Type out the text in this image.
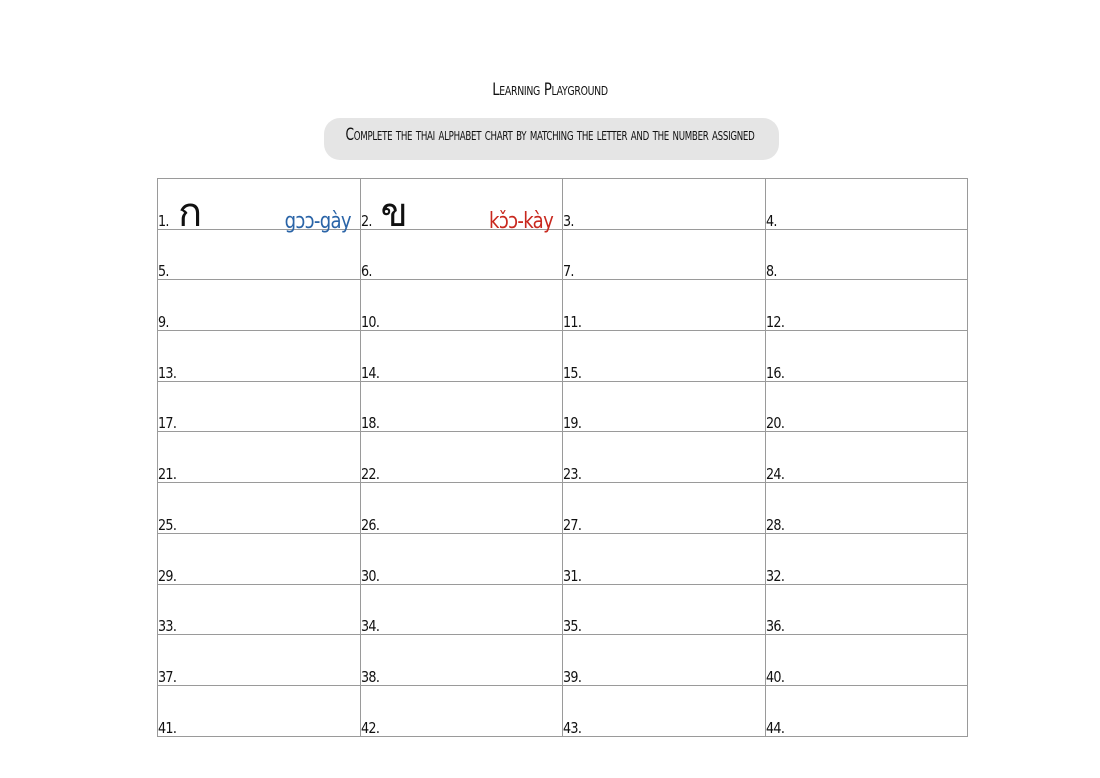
Learning Playground
Complete the thai alphabet chart by matching the letter and the number assigned
1. ก gɔɔ-gày	2. ข kɔ̌ɔ-kày	3.	4.

5.	6.	7.	8.

9.	10.	11.	12.

13.	14.	15.	16.

17.	18.	19.	20.

21.	22.	23.	24.

25.	26.	27.	28.

29.	30.	31.	32.

33.	34.	35.	36.

37.	38.	39.	40.

41.	42.	43.	44.
